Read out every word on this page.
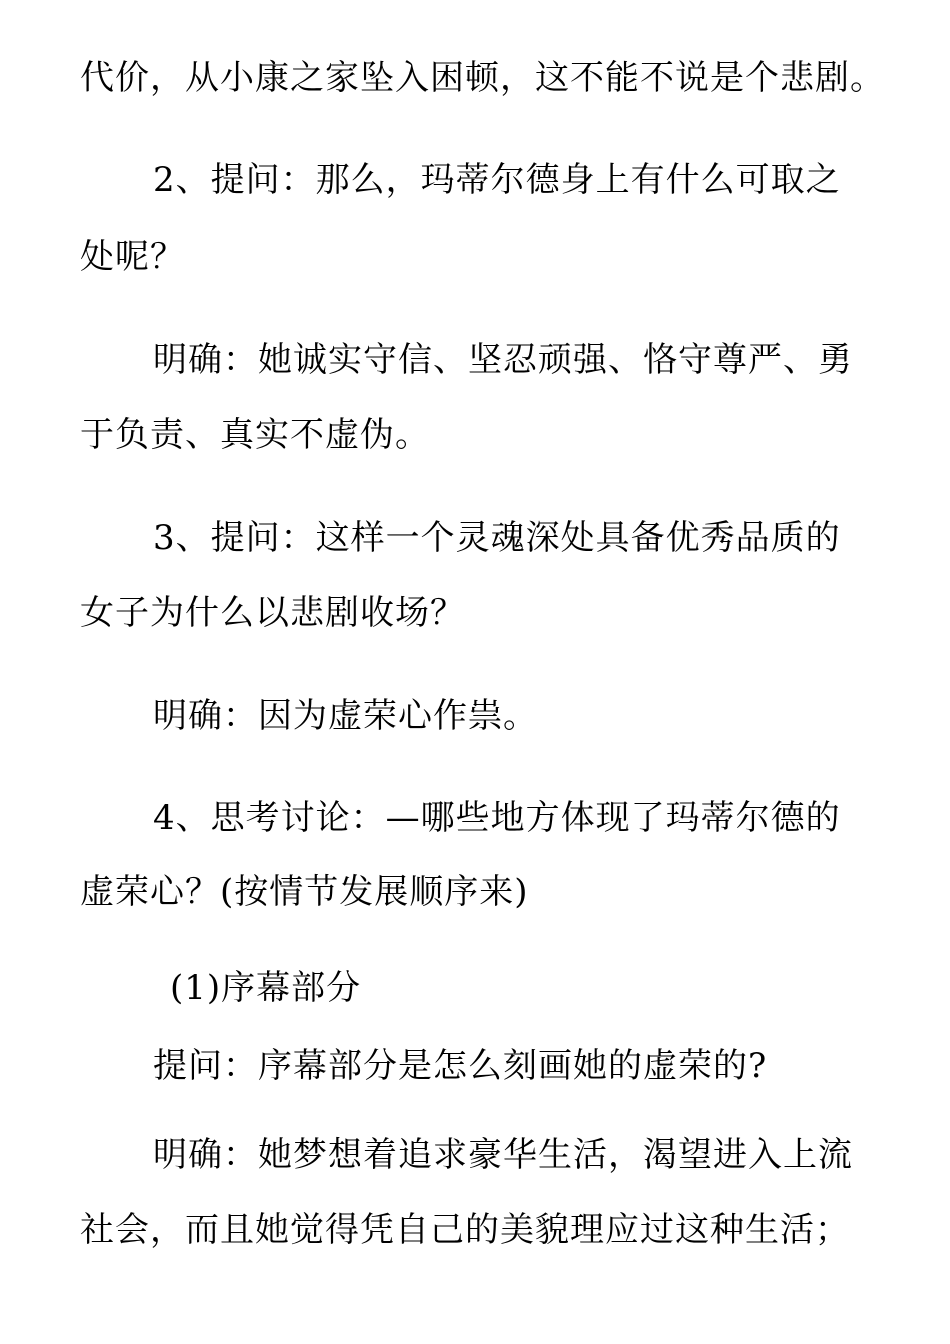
代价，从小康之家坠入困顿，这不能不说是个悲剧。
2、提问：那么，玛蒂尔德身上有什么可取之
处呢？
明确：她诚实守信、坚忍顽强、恪守尊严、勇
于负责、真实不虚伪。
3、提问：这样一个灵魂深处具备优秀品质的
女子为什么以悲剧收场？
明确：因为虚荣心作祟。
4、思考讨论：—哪些地方体现了玛蒂尔德的
虚荣心？(按情节发展顺序来)
(1)序幕部分
提问：序幕部分是怎么刻画她的虚荣的?
明确：她梦想着追求豪华生活，渴望进入上流
社会，而且她觉得凭自己的美貌理应过这种生活；
